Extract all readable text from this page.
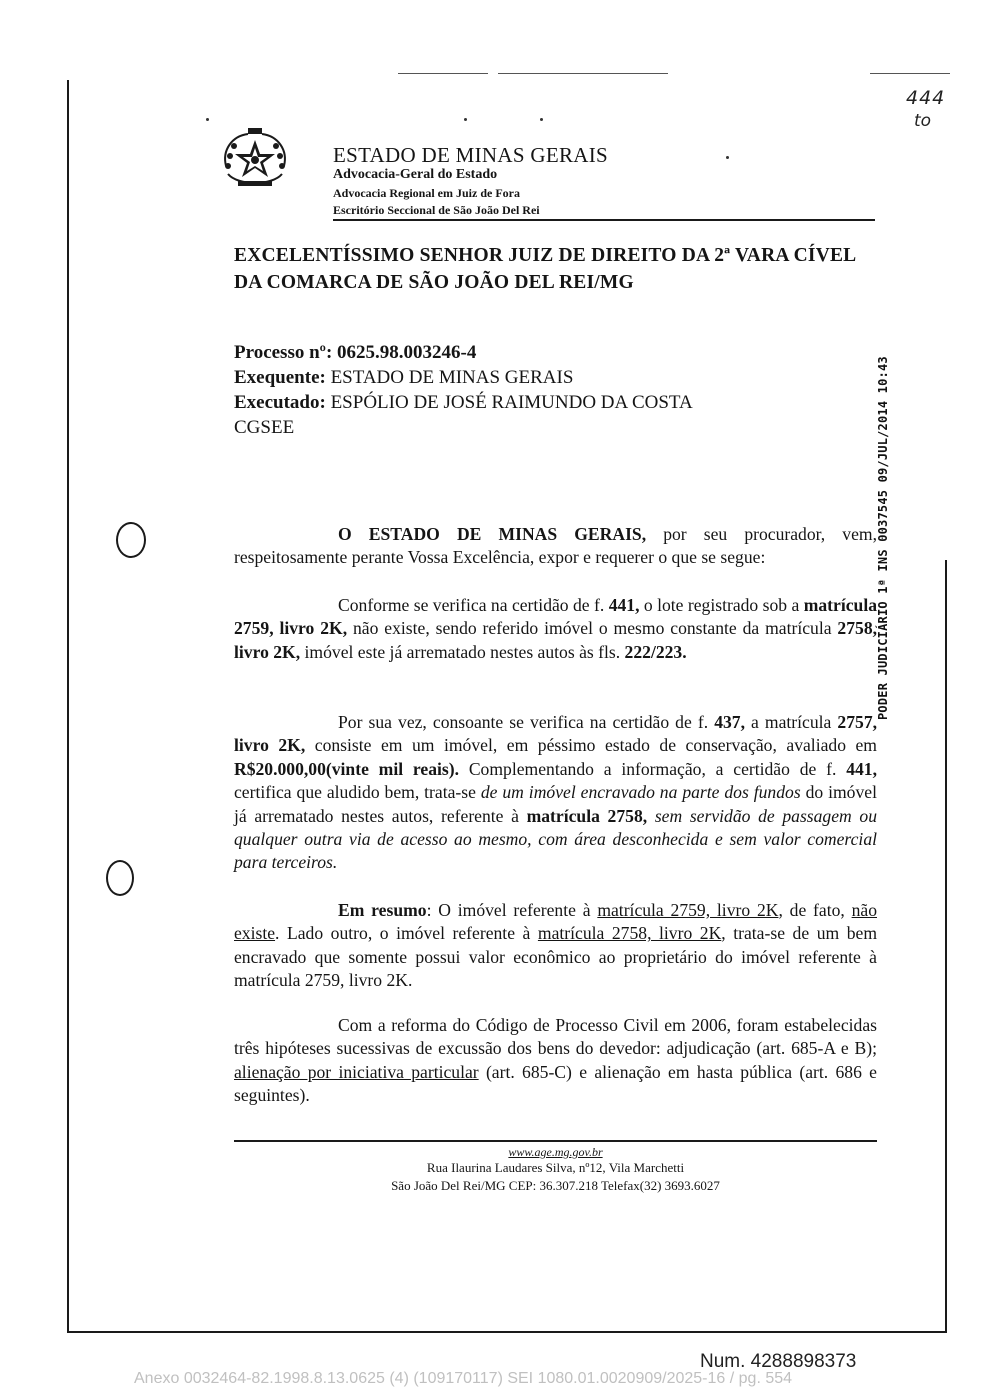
444
to
ESTADO DE MINAS GERAIS
Advocacia-Geral do Estado
Advocacia Regional em Juiz de Fora
Escritório Seccional de São João Del Rei
EXCELENTÍSSIMO SENHOR JUIZ DE DIREITO DA 2ª VARA CÍVEL DA COMARCA DE SÃO JOÃO DEL REI/MG
Processo nº: 0625.98.003246-4
Exequente: ESTADO DE MINAS GERAIS
Executado: ESPÓLIO DE JOSÉ RAIMUNDO DA COSTA
CGSEE	PODER JUDICIÁRIO 1ª INS 0037545 09/JUL/2014 10:43
O ESTADO DE MINAS GERAIS, por seu procurador, vem, respeitosamente perante Vossa Excelência, expor e requerer o que se segue:
Conforme se verifica na certidão de f. 441, o lote registrado sob a matrícula 2759, livro 2K, não existe, sendo referido imóvel o mesmo constante da matrícula 2758, livro 2K, imóvel este já arrematado nestes autos às fls. 222/223.
Por sua vez, consoante se verifica na certidão de f. 437, a matrícula 2757, livro 2K, consiste em um imóvel, em péssimo estado de conservação, avaliado em R$20.000,00(vinte mil reais). Complementando a informação, a certidão de f. 441, certifica que aludido bem, trata-se de um imóvel encravado na parte dos fundos do imóvel já arrematado nestes autos, referente à matrícula 2758, sem servidão de passagem ou qualquer outra via de acesso ao mesmo, com área desconhecida e sem valor comercial para terceiros.
Em resumo: O imóvel referente à matrícula 2759, livro 2K, de fato, não existe. Lado outro, o imóvel referente à matrícula 2758, livro 2K, trata-se de um bem encravado que somente possui valor econômico ao proprietário do imóvel referente à matrícula 2759, livro 2K.
Com a reforma do Código de Processo Civil em 2006, foram estabelecidas três hipóteses sucessivas de excussão dos bens do devedor: adjudicação (art. 685-A e B); alienação por iniciativa particular (art. 685-C) e alienação em hasta pública (art. 686 e seguintes).
www.age.mg.gov.br
Rua Ilaurina Laudares Silva, nº12, Vila Marchetti
São João Del Rei/MG CEP: 36.307.218 Telefax(32) 3693.6027
Num. 4288898373
Anexo 0032464-82.1998.8.13.0625 (4) (109170117) SEI 1080.01.0020909/2025-16 / pg. 554
